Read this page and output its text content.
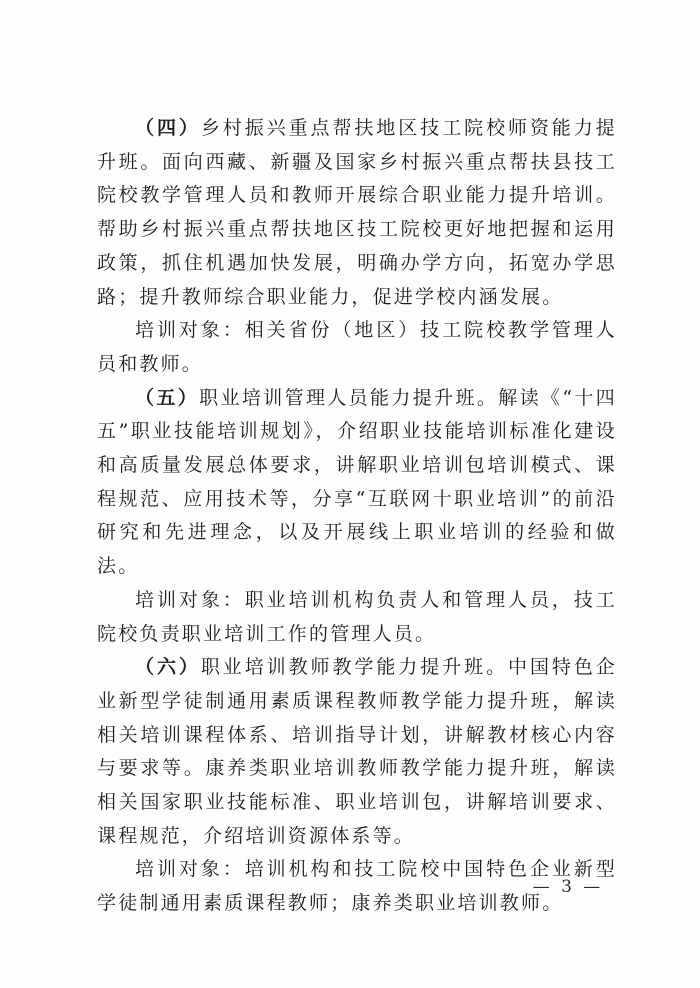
（四）乡村振兴重点帮扶地区技工院校师资能力提升班。面向西藏、新疆及国家乡村振兴重点帮扶县技工院校教学管理人员和教师开展综合职业能力提升培训。帮助乡村振兴重点帮扶地区技工院校更好地把握和运用政策，抓住机遇加快发展，明确办学方向，拓宽办学思路；提升教师综合职业能力，促进学校内涵发展。

培训对象：相关省份（地区）技工院校教学管理人员和教师。

（五）职业培训管理人员能力提升班。解读《“十四五”职业技能培训规划》，介绍职业技能培训标准化建设和高质量发展总体要求，讲解职业培训包培训模式、课程规范、应用技术等，分享“互联网十职业培训”的前沿研究和先进理念，以及开展线上职业培训的经验和做法。

培训对象：职业培训机构负责人和管理人员，技工院校负责职业培训工作的管理人员。

（六）职业培训教师教学能力提升班。中国特色企业新型学徒制通用素质课程教师教学能力提升班，解读相关培训课程体系、培训指导计划，讲解教材核心内容与要求等。康养类职业培训教师教学能力提升班，解读相关国家职业技能标准、职业培训包，讲解培训要求、课程规范，介绍培训资源体系等。

培训对象：培训机构和技工院校中国特色企业新型学徒制通用素质课程教师；康养类职业培训教师。

— 3 —
